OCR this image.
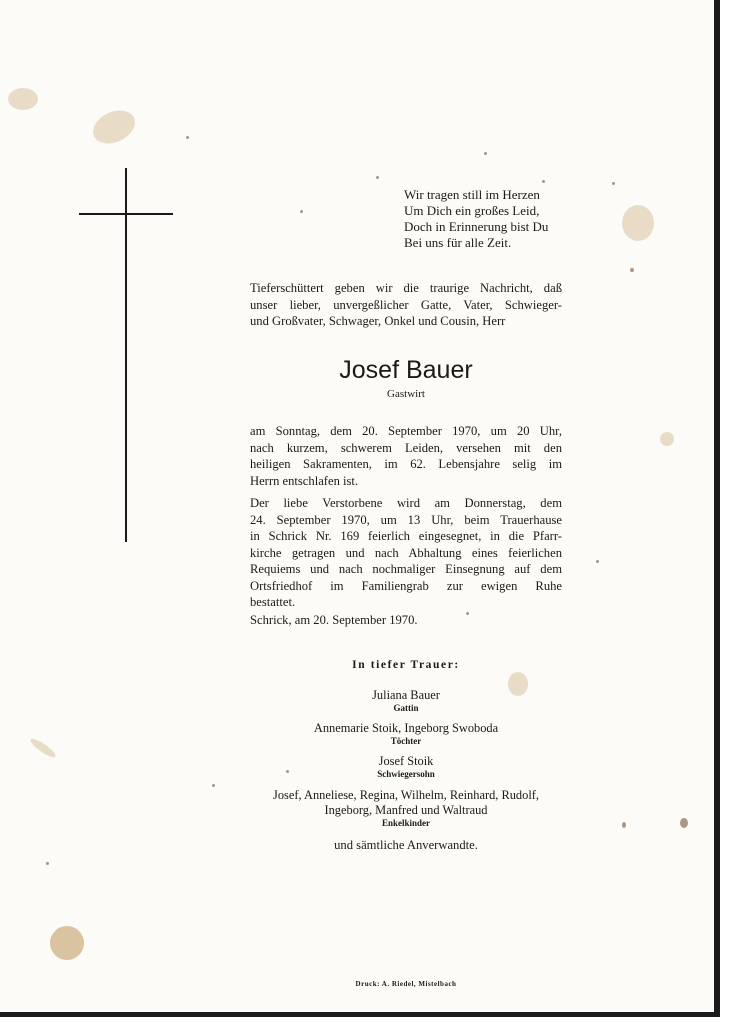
Wir tragen still im Herzen
Um Dich ein großes Leid,
Doch in Erinnerung bist Du
Bei uns für alle Zeit.
Tieferschüttert geben wir die traurige Nachricht, daß
unser lieber, unvergeßlicher Gatte, Vater, Schwieger-
und Großvater, Schwager, Onkel und Cousin, Herr
Josef Bauer
Gastwirt
am Sonntag, dem 20. September 1970, um 20 Uhr,
nach kurzem, schwerem Leiden, versehen mit den
heiligen Sakramenten, im 62. Lebensjahre selig im
Herrn entschlafen ist.
Der liebe Verstorbene wird am Donnerstag, dem
24. September 1970, um 13 Uhr, beim Trauerhause
in Schrick Nr. 169 feierlich eingesegnet, in die Pfarr-
kirche getragen und nach Abhaltung eines feierlichen
Requiems und nach nochmaliger Einsegnung auf dem
Ortsfriedhof im Familiengrab zur ewigen Ruhe
bestattet.
Schrick, am 20. September 1970.
In tiefer Trauer:
Juliana Bauer
Gattin
Annemarie Stoik, Ingeborg Swoboda
Töchter
Josef Stoik
Schwiegersohn
Josef, Anneliese, Regina, Wilhelm, Reinhard, Rudolf,
Ingeborg, Manfred und Waltraud
Enkelkinder
und sämtliche Anverwandte.
Druck: A. Riedel, Mistelbach
